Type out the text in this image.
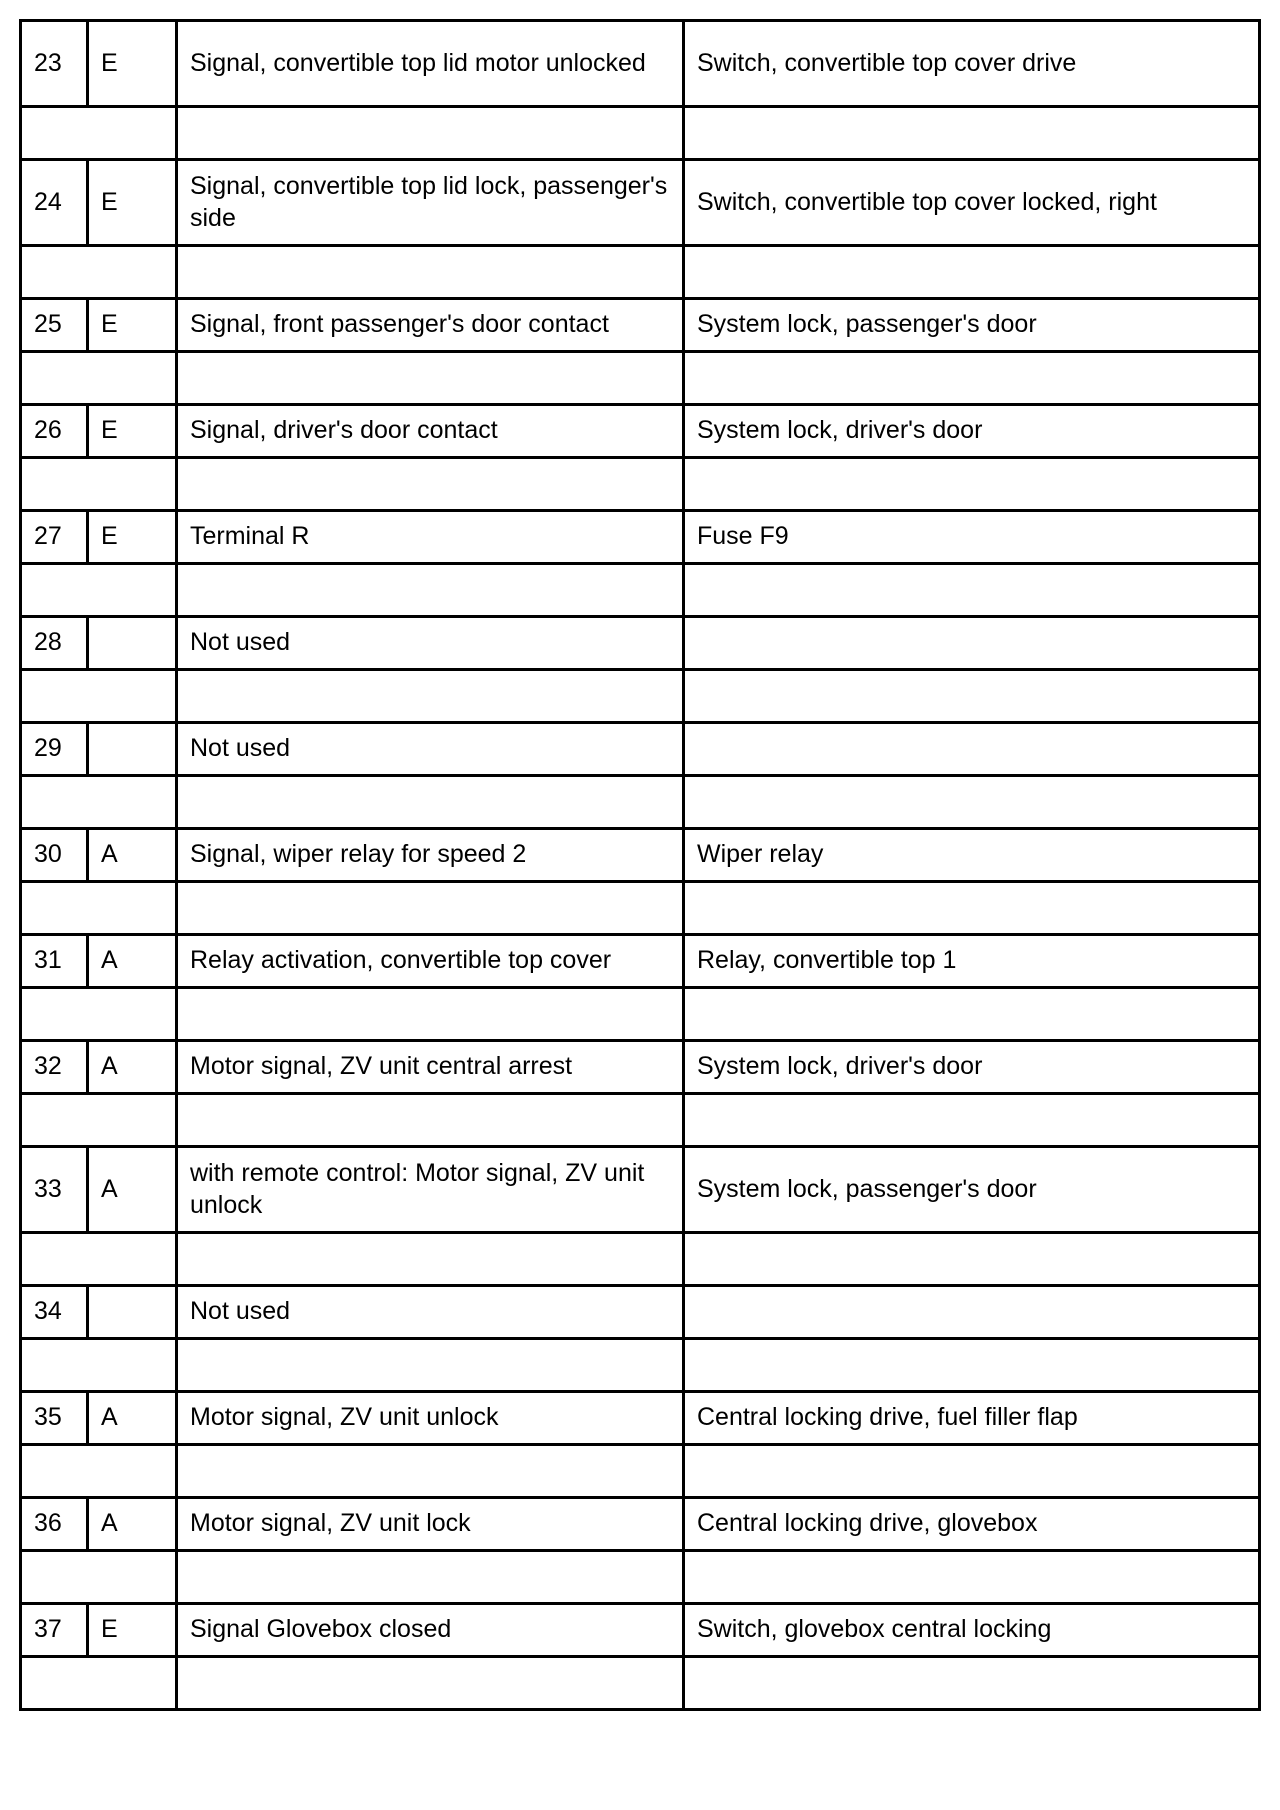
23	E	Signal, convertible top lid motor unlocked	Switch, convertible top cover drive

24	E	Signal, convertible top lid lock, passenger's side	Switch, convertible top cover locked, right

25	E	Signal, front passenger's door contact	System lock, passenger's door

26	E	Signal, driver's door contact	System lock, driver's door

27	E	Terminal R	Fuse F9

28		Not used	

29		Not used	

30	A	Signal, wiper relay for speed 2	Wiper relay

31	A	Relay activation, convertible top cover	Relay, convertible top 1

32	A	Motor signal, ZV unit central arrest	System lock, driver's door

33	A	with remote control: Motor signal, ZV unit unlock	System lock, passenger's door

34		Not used	

35	A	Motor signal, ZV unit unlock	Central locking drive, fuel filler flap

36	A	Motor signal, ZV unit lock	Central locking drive, glovebox

37	E	Signal Glovebox closed	Switch, glovebox central locking
